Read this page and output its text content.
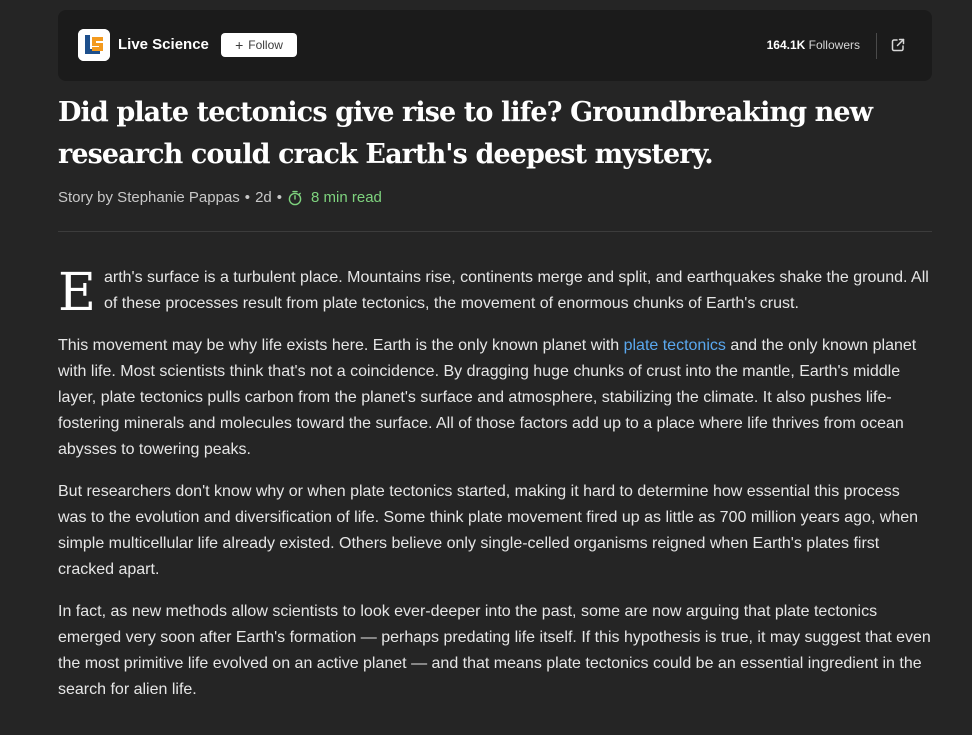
Live Science + Follow	164.1K Followers
Did plate tectonics give rise to life? Groundbreaking new research could crack Earth's deepest mystery.
Story by Stephanie Pappas • 2d • 8 min read

Earth's surface is a turbulent place. Mountains rise, continents merge and split, and earthquakes shake the ground. All of these processes result from plate tectonics, the movement of enormous chunks of Earth's crust.

This movement may be why life exists here. Earth is the only known planet with plate tectonics and the only known planet with life. Most scientists think that's not a coincidence. By dragging huge chunks of crust into the mantle, Earth's middle layer, plate tectonics pulls carbon from the planet's surface and atmosphere, stabilizing the climate. It also pushes life-fostering minerals and molecules toward the surface. All of those factors add up to a place where life thrives from ocean abysses to towering peaks.

But researchers don't know why or when plate tectonics started, making it hard to determine how essential this process was to the evolution and diversification of life. Some think plate movement fired up as little as 700 million years ago, when simple multicellular life already existed. Others believe only single-celled organisms reigned when Earth's plates first cracked apart.

In fact, as new methods allow scientists to look ever-deeper into the past, some are now arguing that plate tectonics emerged very soon after Earth's formation — perhaps predating life itself. If this hypothesis is true, it may suggest that even the most primitive life evolved on an active planet — and that means plate tectonics could be an essential ingredient in the search for alien life.
